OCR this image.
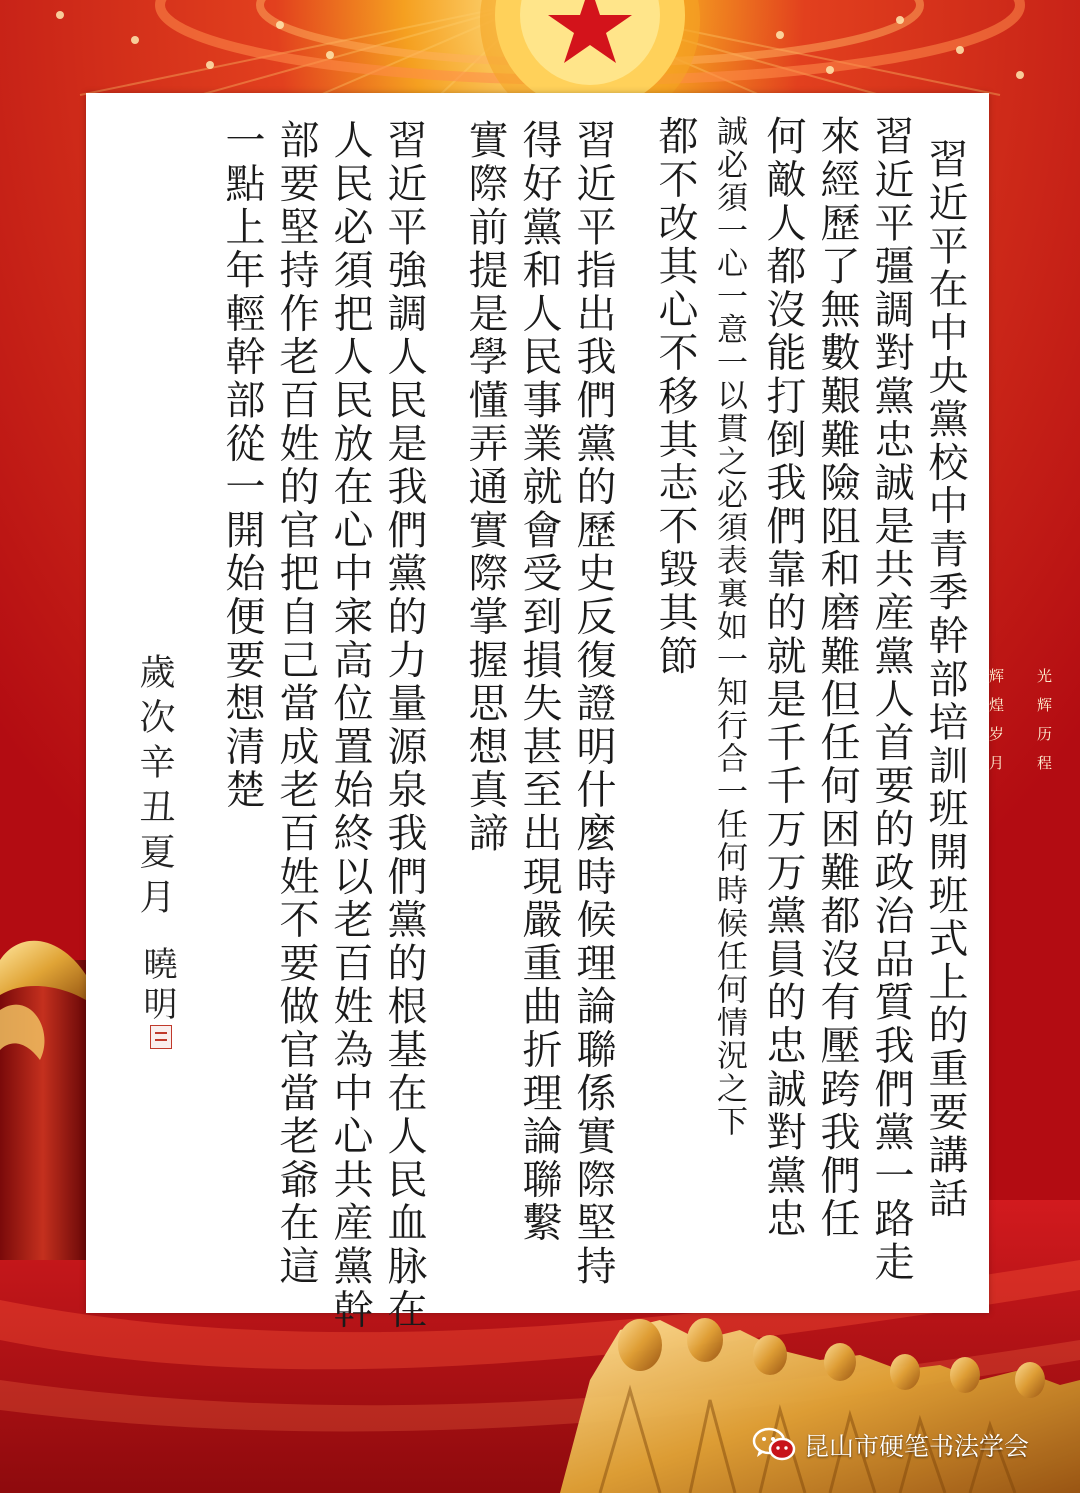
習近平在中央黨校中青季幹部培訓班開班式上的重要講話
習近平彊調對黨忠誠是共産黨人首要的政治品質我們黨一路走
來經歷了無數艱難險阻和磨難但任何困難都沒有壓跨我們任
何敵人都沒能打倒我們靠的就是千千万万黨員的忠誠對黨忠
誠必須一心一意一以貫之必須表裏如一知行合一任何時候任何情況之下
都不改其心不移其志不毀其節
習近平指出我們黨的歷史反復證明什麼時候理論聯係實際堅持
得好黨和人民事業就會受到損失甚至出現嚴重曲折理論聯繫
實際前提是學懂弄通實際掌握思想真諦
習近平強調人民是我們黨的力量源泉我們黨的根基在人民血脉在
人民必須把人民放在心中宷高位置始終以老百姓為中心共産黨幹
部要堅持作老百姓的官把自己當成老百姓不要做官當老爺在這
一點上年輕幹部從一開始便要想清楚
歲次辛丑夏月
曉明
光辉历程

辉煌岁月
昆山市硬笔书法学会
